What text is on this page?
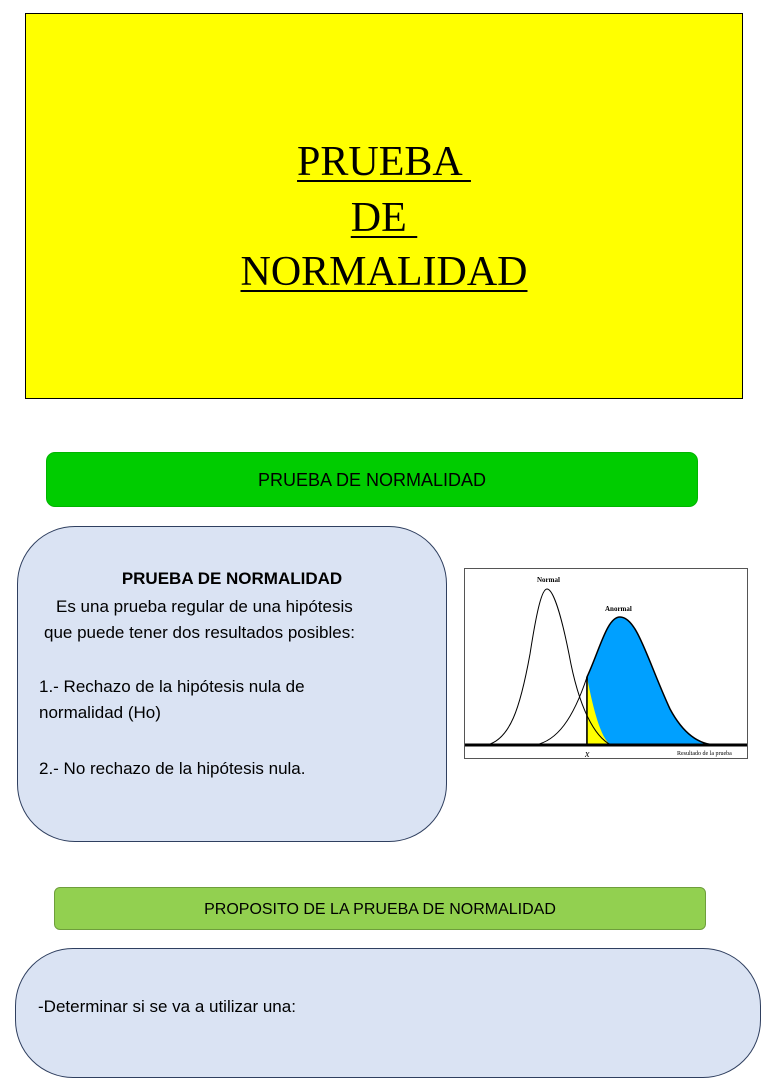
PRUEBA
DE
NORMALIDAD
PRUEBA DE NORMALIDAD
PRUEBA DE NORMALIDAD
Es una prueba regular de una hipótesis
que puede tener dos resultados posibles:
1.- Rechazo de la hipótesis nula de
normalidad (Ho)
2.- No rechazo de la hipótesis nula.
Normal
Anormal
x	Resultado de la prueba
PROPOSITO DE LA PRUEBA DE NORMALIDAD
-Determinar si se va a utilizar una:
